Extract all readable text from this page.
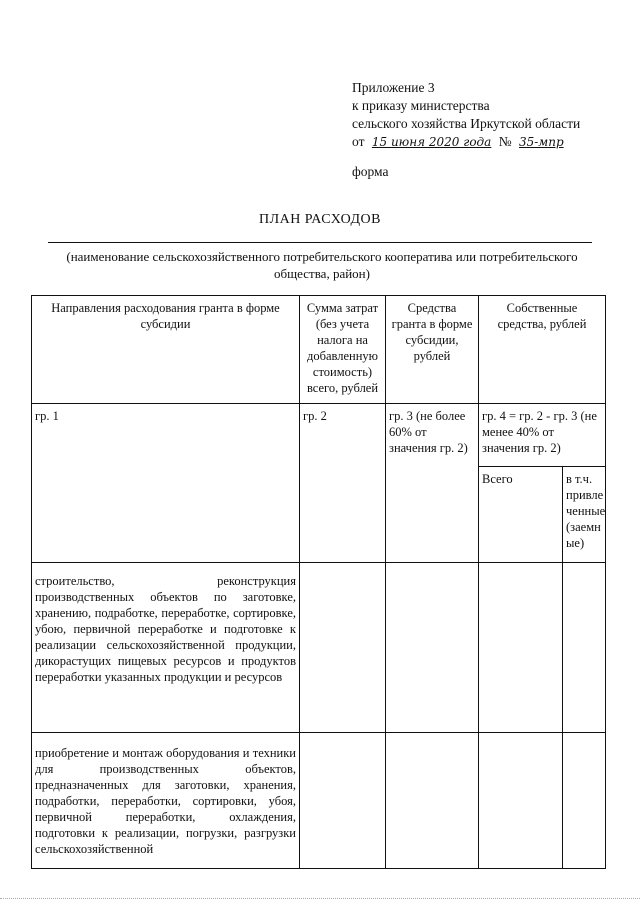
Приложение 3
к приказу министерства
сельского хозяйства Иркутской области
от 15 июня 2020 года № 35-мпр
форма
ПЛАН РАСХОДОВ
(наименование сельскохозяйственного потребительского кооператива или потребительского общества, район)
Направления расходования гранта в форме субсидии	Сумма затрат (без учета налога на добавленную стоимость) всего, рублей	Средства гранта в форме субсидии, рублей	Собственные средства, рублей	
гр. 1	гр. 2	гр. 3 (не более 60% от значения гр. 2)	гр. 4 = гр. 2 - гр. 3 (не менее 40% от значения гр. 2)	
			Всего	в т.ч. привле ченные (заемн ые)
строительство, реконструкция производственных объектов по заготовке, хранению, подработке, переработке, сортировке, убою, первичной переработке и подготовке к реализации сельскохозяйственной продукции, дикорастущих пищевых ресурсов и продуктов переработки указанных продукции и ресурсов				
приобретение и монтаж оборудования и техники для производственных объектов, предназначенных для заготовки, хранения, подработки, переработки, сортировки, убоя, первичной переработки, охлаждения, подготовки к реализации, погрузки, разгрузки сельскохозяйственной				
